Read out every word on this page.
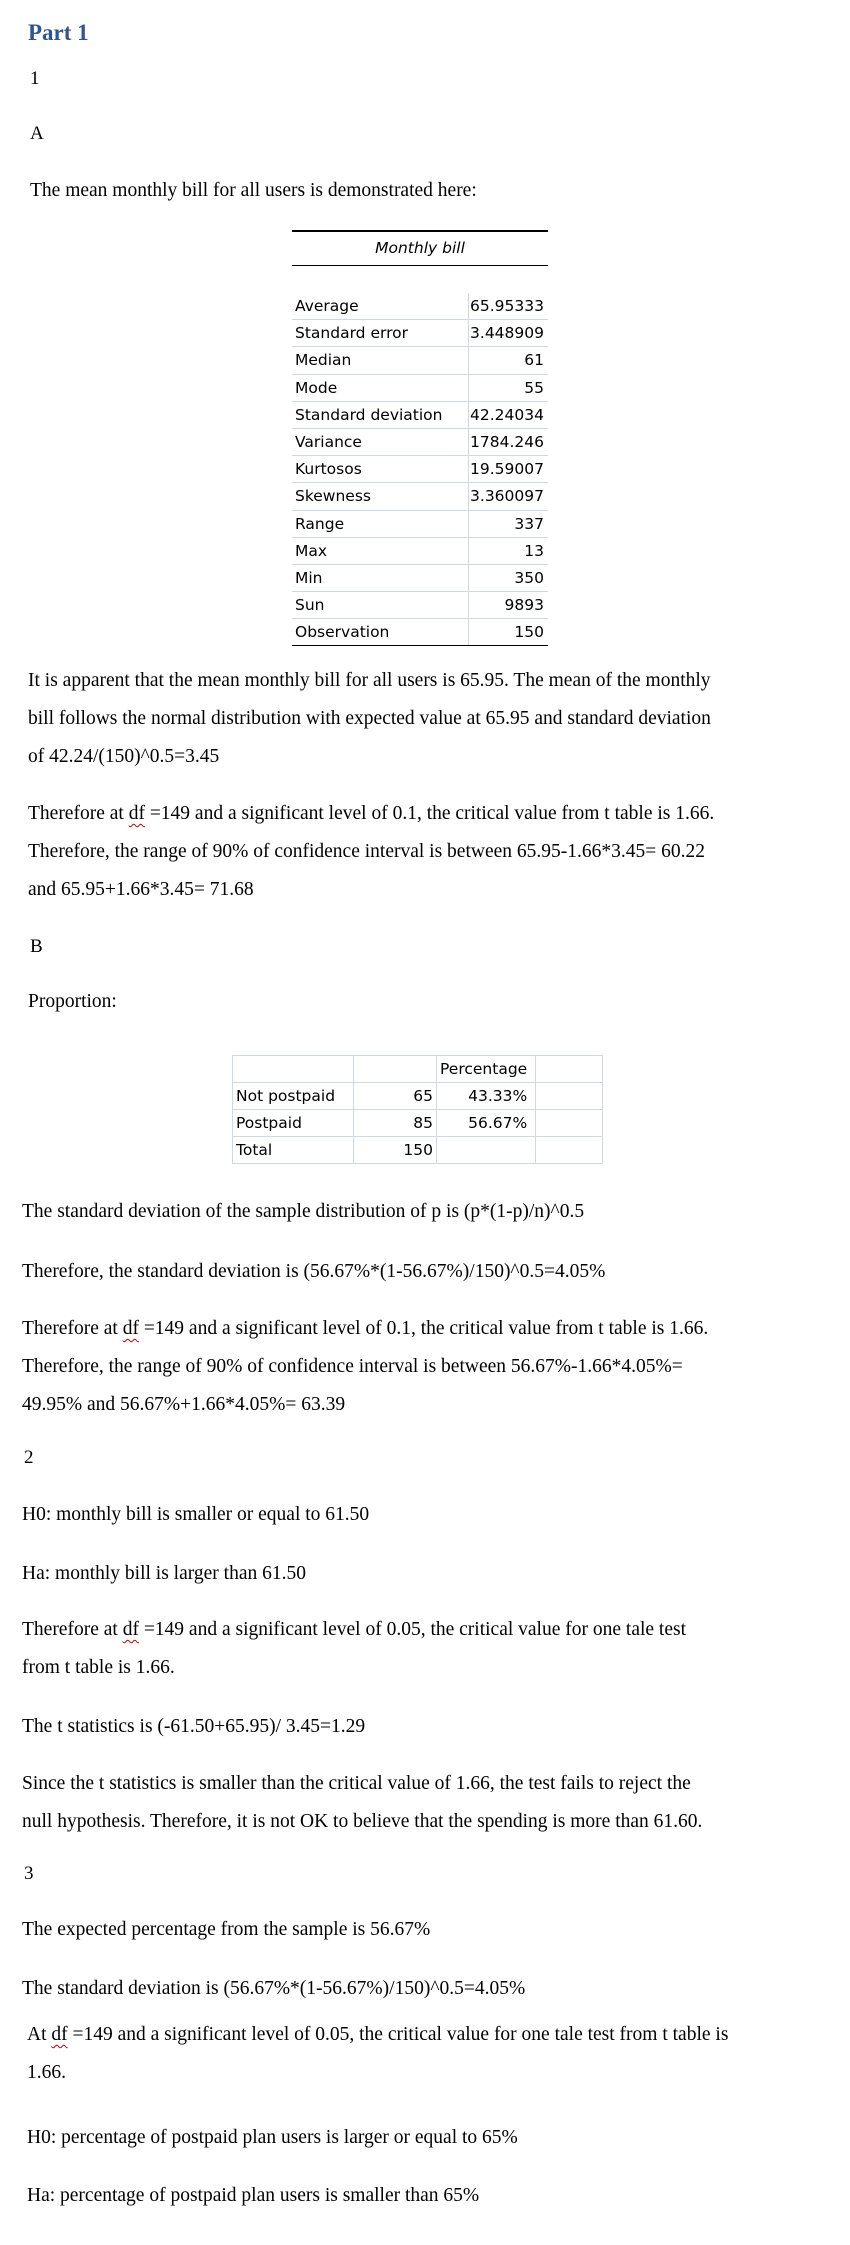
Part 1
1
A
The mean monthly bill for all users is demonstrated here:
Monthly bill
Average	65.95333
Standard error	3.448909
Median	61
Mode	55
Standard deviation	42.24034
Variance	1784.246
Kurtosos	19.59007
Skewness	3.360097
Range	337
Max	13
Min	350
Sun	9893
Observation	150
It is apparent that the mean monthly bill for all users is 65.95. The mean of the monthly
bill follows the normal distribution with expected value at 65.95 and standard deviation
of 42.24/(150)^0.5=3.45
Therefore at df =149 and a significant level of 0.1, the critical value from t table is 1.66.
Therefore, the range of 90% of confidence interval is between 65.95-1.66*3.45= 60.22
and 65.95+1.66*3.45= 71.68
B
Proportion:
		Percentage	
Not postpaid	65	43.33%	
Postpaid	85	56.67%	
Total	150		
The standard deviation of the sample distribution of p is (p*(1-p)/n)^0.5
Therefore, the standard deviation is (56.67%*(1-56.67%)/150)^0.5=4.05%
Therefore at df =149 and a significant level of 0.1, the critical value from t table is 1.66.
Therefore, the range of 90% of confidence interval is between 56.67%-1.66*4.05%=
49.95% and 56.67%+1.66*4.05%= 63.39
2
H0: monthly bill is smaller or equal to 61.50
Ha: monthly bill is larger than 61.50
Therefore at df =149 and a significant level of 0.05, the critical value for one tale test
from t table is 1.66.
The t statistics is (-61.50+65.95)/ 3.45=1.29
Since the t statistics is smaller than the critical value of 1.66, the test fails to reject the
null hypothesis. Therefore, it is not OK to believe that the spending is more than 61.60.
3
The expected percentage from the sample is 56.67%
The standard deviation is (56.67%*(1-56.67%)/150)^0.5=4.05%
At df =149 and a significant level of 0.05, the critical value for one tale test from t table is
1.66.
H0: percentage of postpaid plan users is larger or equal to 65%
Ha: percentage of postpaid plan users is smaller than 65%
